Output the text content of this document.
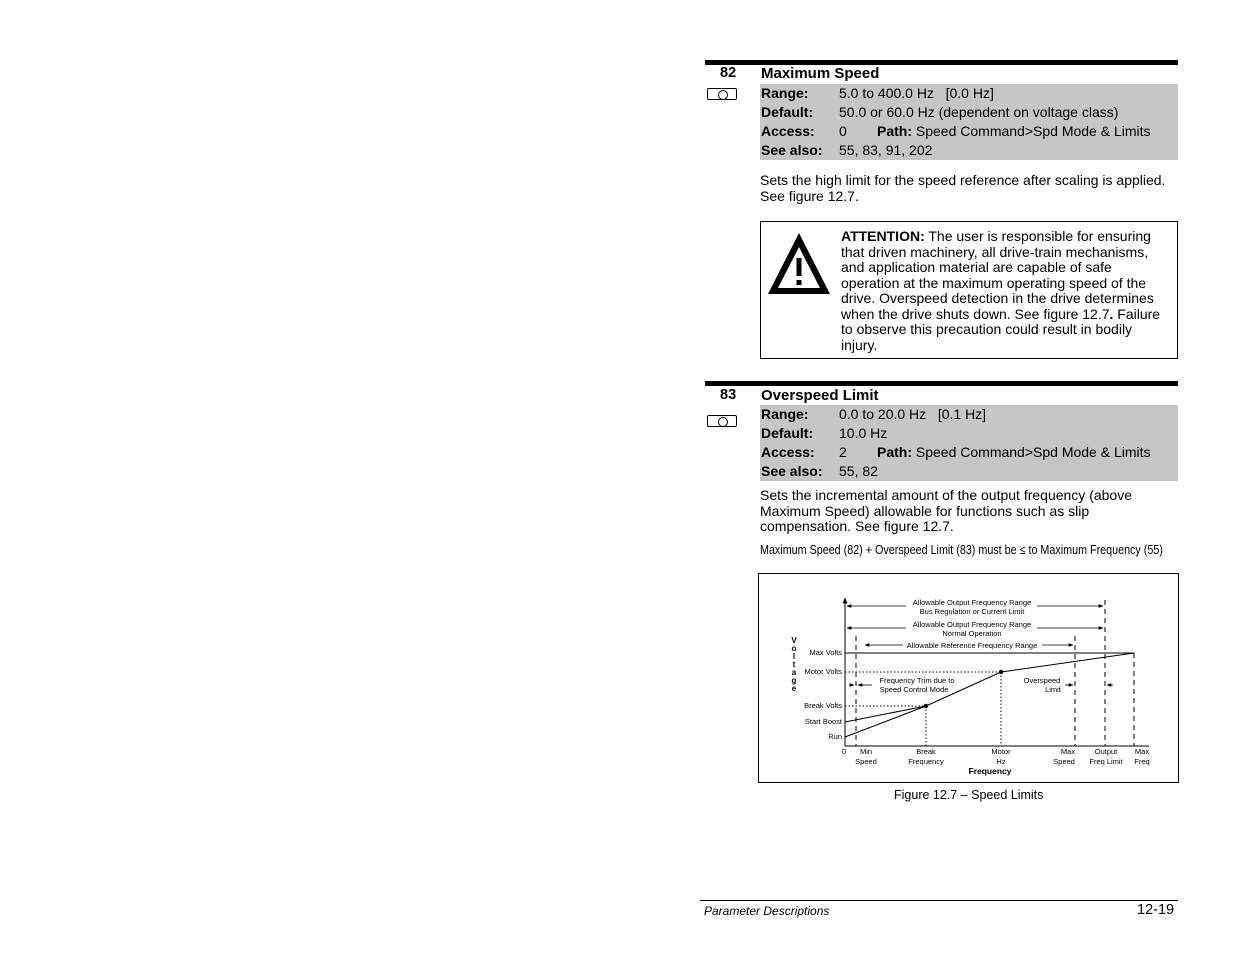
82 Maximum Speed
Range: 5.0 to 400.0 Hz   [0.0 Hz]
Default: 50.0 or 60.0 Hz (dependent on voltage class)
Access: 0 Path: Speed Command>Spd Mode & Limits
See also: 55, 83, 91, 202
Sets the high limit for the speed reference after scaling is applied. See figure 12.7.
ATTENTION: The user is responsible for ensuring that driven machinery, all drive-train mechanisms, and application material are capable of safe operation at the maximum operating speed of the drive. Overspeed detection in the drive determines when the drive shuts down. See figure 12.7. Failure to observe this precaution could result in bodily injury.
83 Overspeed Limit
Range: 0.0 to 20.0 Hz   [0.1 Hz]
Default: 10.0 Hz
Access: 2 Path: Speed Command>Spd Mode & Limits
See also: 55, 82
Sets the incremental amount of the output frequency (above Maximum Speed) allowable for functions such as slip compensation. See figure 12.7.
Maximum Speed (82) + Overspeed Limit (83) must be ≤ to Maximum Frequency (55)
Allowable Output Frequency Range
Bus Regulation or Current Limit
Allowable Output Frequency Range
Normal Operation
Allowable Reference Frequency Range
Frequency Trim due to
Speed Control Mode
Overspeed
Limit
V
o
l
t
a
g
e
Max Volts
Motor Volts
Break Volts
Start Boost
Run
0 Min
Speed
Break
Frequency
Motor
Hz
Max
Speed
Output
Freq Limit
Max
Freq
Frequency
Figure 12.7 – Speed Limits
Parameter Descriptions	12-19
